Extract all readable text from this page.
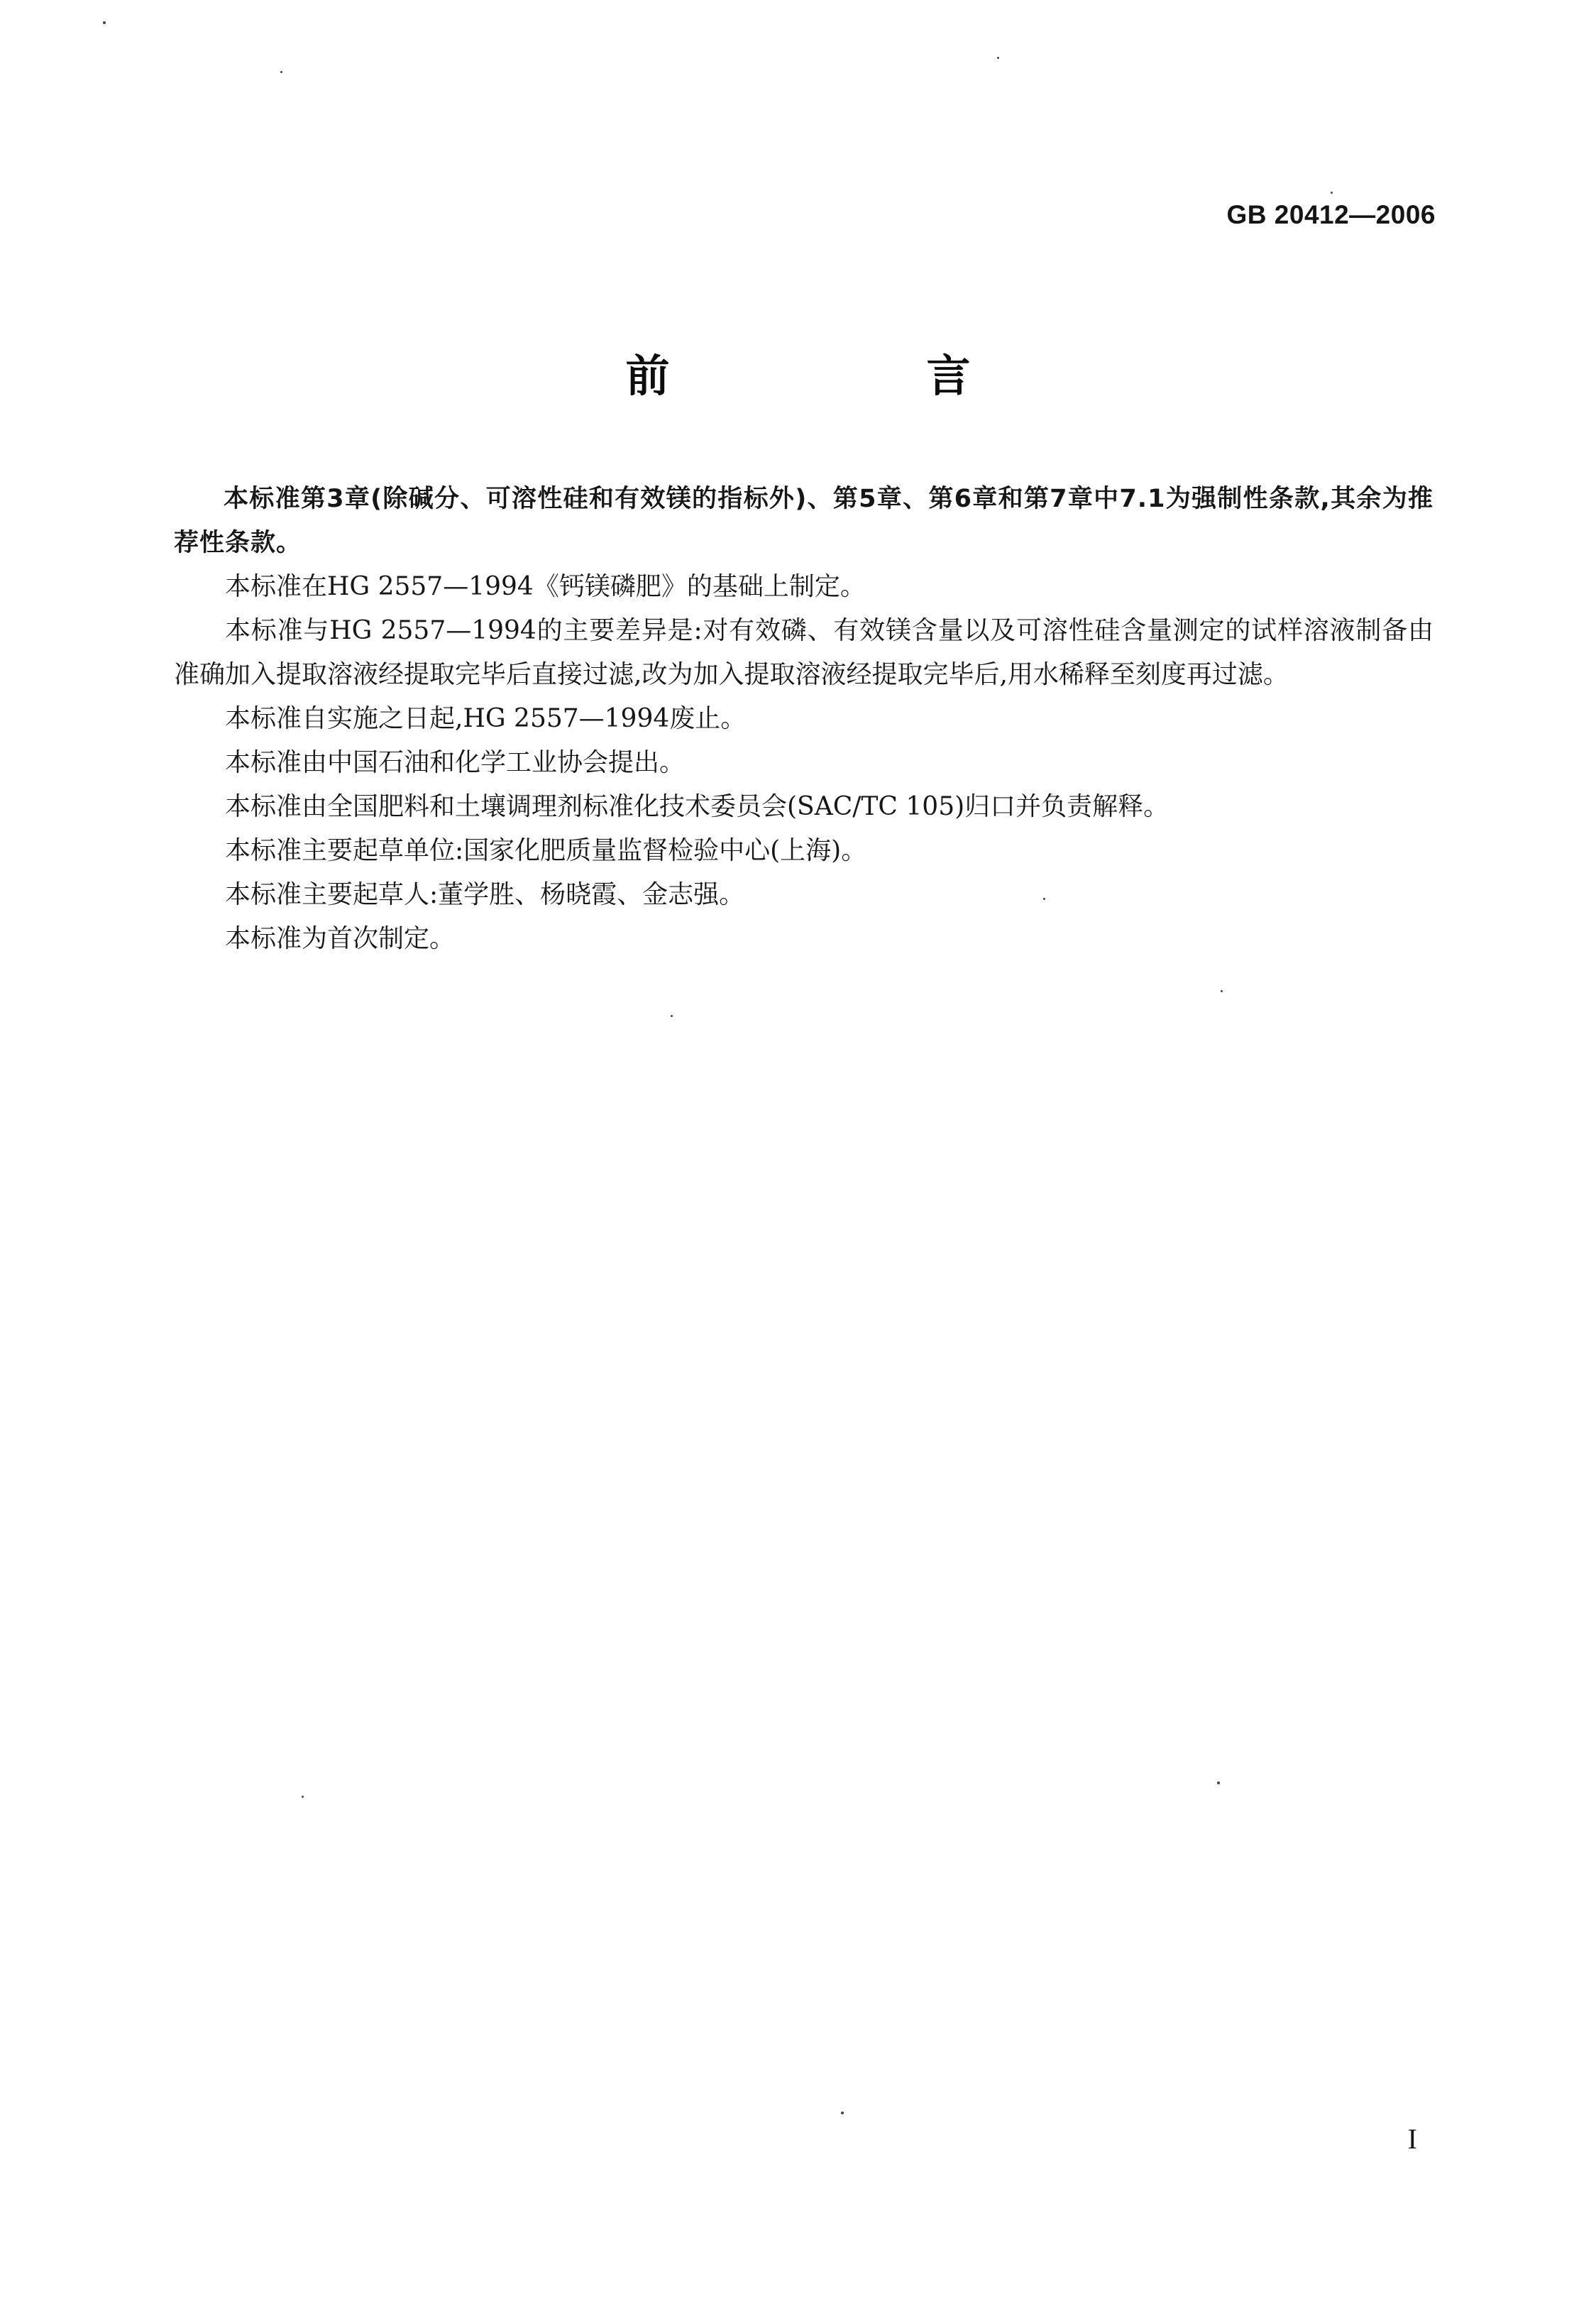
GB 20412—2006
前　言

本标准第3章(除碱分、可溶性硅和有效镁的指标外)、第5章、第6章和第7章中7.1为强制性条款,其余为推荐性条款。

本标准在HG 2557—1994《钙镁磷肥》的基础上制定。

本标准与HG 2557—1994的主要差异是:对有效磷、有效镁含量以及可溶性硅含量测定的试样溶液制备由准确加入提取溶液经提取完毕后直接过滤,改为加入提取溶液经提取完毕后,用水稀释至刻度再过滤。

本标准自实施之日起,HG 2557—1994废止。

本标准由中国石油和化学工业协会提出。

本标准由全国肥料和土壤调理剂标准化技术委员会(SAC/TC 105)归口并负责解释。

本标准主要起草单位:国家化肥质量监督检验中心(上海)。

本标准主要起草人:董学胜、杨晓霞、金志强。

本标准为首次制定。

I
